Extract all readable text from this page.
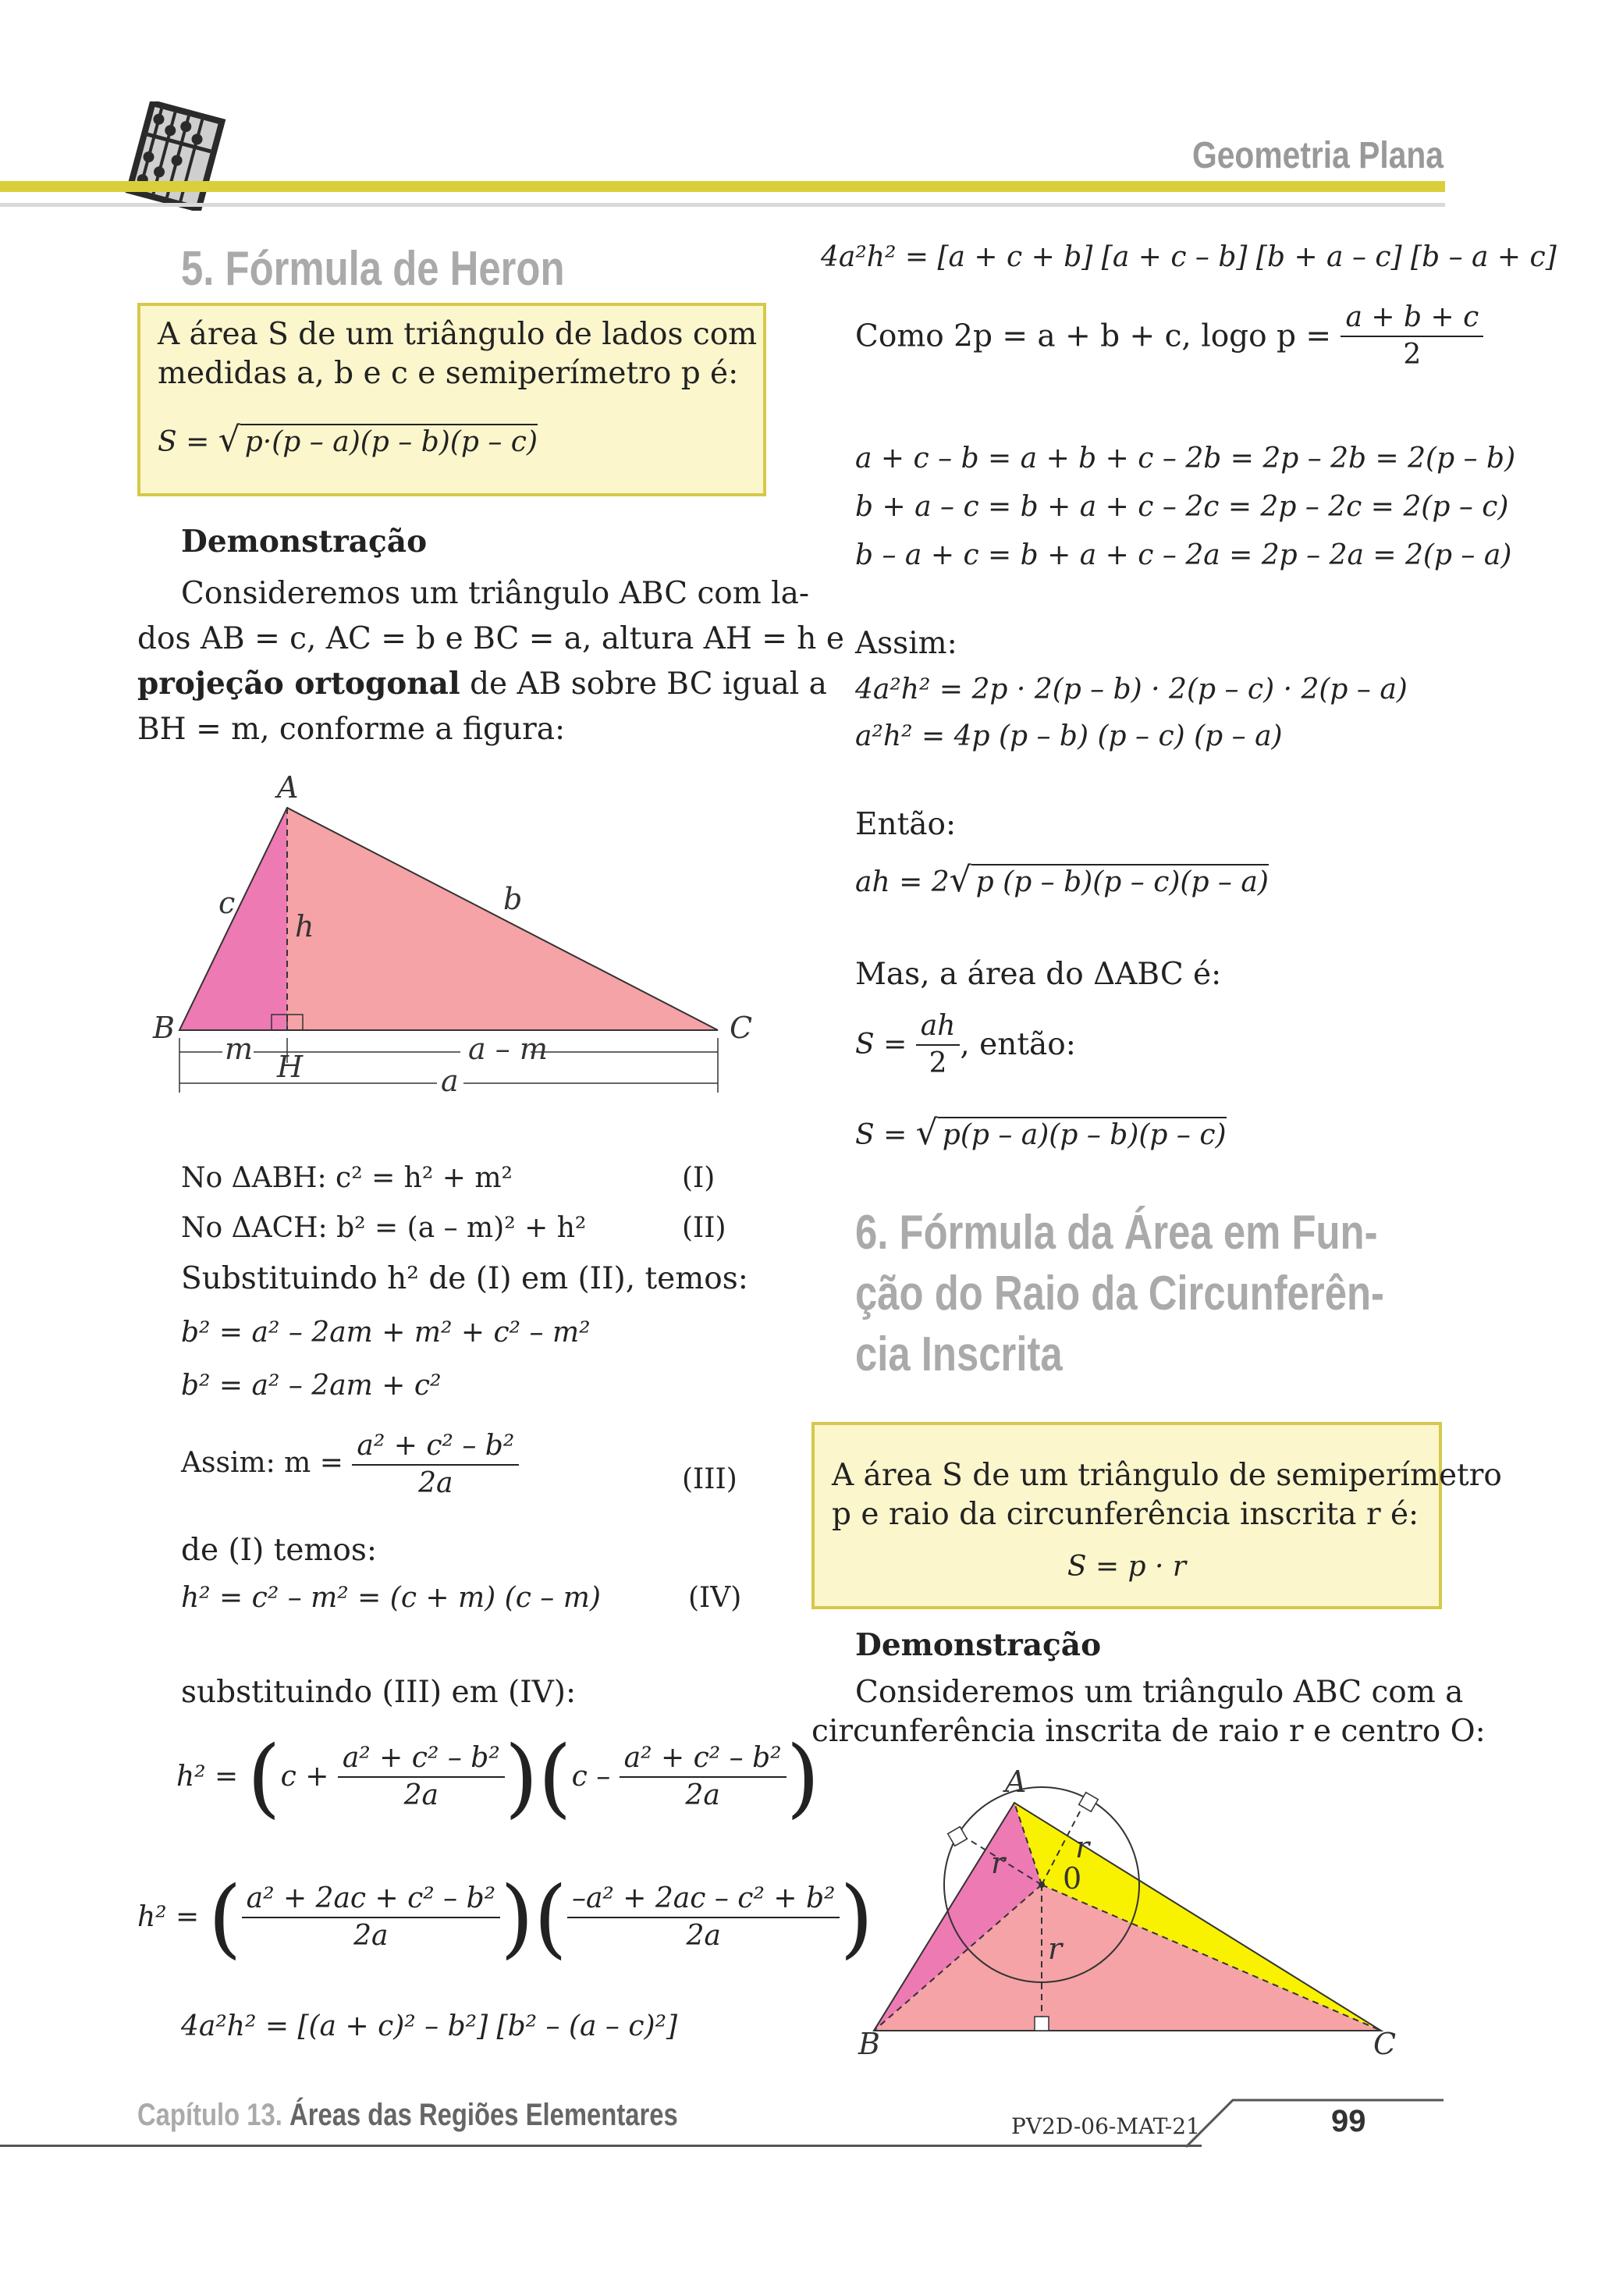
Geometria Plana
5. Fórmula de Heron
A área S de um triângulo de lados com
medidas a, b e c e semiperímetro p é:
S = √ p·(p – a)(p – b)(p – c)
Demonstração
Consideremos um triângulo ABC com la-
dos AB = c, AC = b e BC = a, altura AH = h e
projeção ortogonal de AB sobre BC igual a
BH = m, conforme a figura:
A
B	C
H
c	b
h
m	a – m
a
No ΔABH: c² = h² + m²	(I)
No ΔACH: b² = (a – m)² + h²	(II)
Substituindo h² de (I) em (II), temos:
b² = a² – 2am + m² + c² – m²
b² = a² – 2am + c²
Assim: $m = \frac{\text{a² + c² – b²}}{2a}$	(III)
de (I) temos:
h² = c² – m² = (c + m) (c – m)	(IV)
substituindo (III) em (IV):
$h^2 = (c + \frac{\text{a² + c² – b²}}{2a} )(c - \frac{\text{a² + c² – b²}}{2a}$ )
h² = ( $\frac{\text{a² + 2ac + c² – b²}}{2a}$ )( $\frac{\text{–a² + 2ac – c² + b²}}{2a}$ )
4a²h² = [(a + c)² – b²] [b² – (a – c)²]
4a²h² = [a + c + b] [a + c – b] [b + a – c] [b – a + c]
Como 2p = a + b + c, logo $p = \frac{a + b + c}{2}$
a + c – b = a + b + c – 2b = 2p – 2b = 2(p – b)
b + a – c = b + a + c – 2c = 2p – 2c = 2(p – c)
b – a + c = b + a + c – 2a = 2p – 2a = 2(p – a)
Assim:
4a²h² = 2p · 2(p – b) · 2(p – c) · 2(p – a)
a²h² = 4p (p – b) (p – c) (p – a)
Então:
ah = 2√ p (p – b)(p – c)(p – a)
Mas, a área do ΔABC é:
$S = \frac{ah}{2}$ , então:
S = √ p(p – a)(p – b)(p – c)
6. Fórmula da Área em Fun-
ção do Raio da Circunferên-
cia Inscrita
A área S de um triângulo de semiperímetro
p e raio da circunferência inscrita r é:
S = p · r
Demonstração
Consideremos um triângulo ABC com a
circunferência inscrita de raio r e centro O:
A
B	C
r r
r
0
Capítulo 13. Áreas das Regiões Elementares	PV2D-06-MAT-21	99
